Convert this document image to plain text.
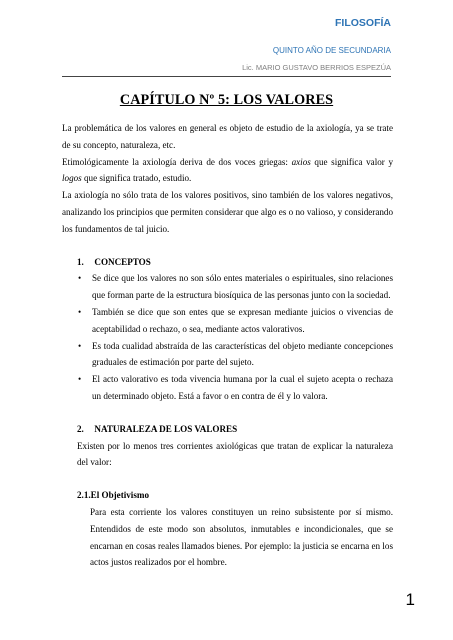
FILOSOFÍA
QUINTO AÑO DE SECUNDARIA
Lic. MARIO GUSTAVO BERRIOS ESPEZÚA
CAPÍTULO Nº 5: LOS VALORES

La problemática de los valores en general es objeto de estudio de la axiología, ya se trate de su concepto, naturaleza, etc.

Etimológicamente la axiología deriva de dos voces griegas: axios que significa valor y logos que significa tratado, estudio.

La axiología no sólo trata de los valores positivos, sino también de los valores negativos, analizando los principios que permiten considerar que algo es o no valioso, y considerando los fundamentos de tal juicio.

1. CONCEPTOS
• Se dice que los valores no son sólo entes materiales o espirituales, sino relaciones que forman parte de la estructura biosíquica de las personas junto con la sociedad.
• También se dice que son entes que se expresan mediante juicios o vivencias de aceptabilidad o rechazo, o sea, mediante actos valorativos.
• Es toda cualidad abstraída de las características del objeto mediante concepciones graduales de estimación por parte del sujeto.
• El acto valorativo es toda vivencia humana por la cual el sujeto acepta o rechaza un determinado objeto. Está a favor o en contra de él y lo valora.
2. NATURALEZA DE LOS VALORES

Existen por lo menos tres corrientes axiológicas que tratan de explicar la naturaleza del valor:

2.1.El Objetivismo

Para esta corriente los valores constituyen un reino subsistente por sí mismo. Entendidos de este modo son absolutos, inmutables e incondicionales, que se encarnan en cosas reales llamados bienes. Por ejemplo: la justicia se encarna en los actos justos realizados por el hombre.

1
